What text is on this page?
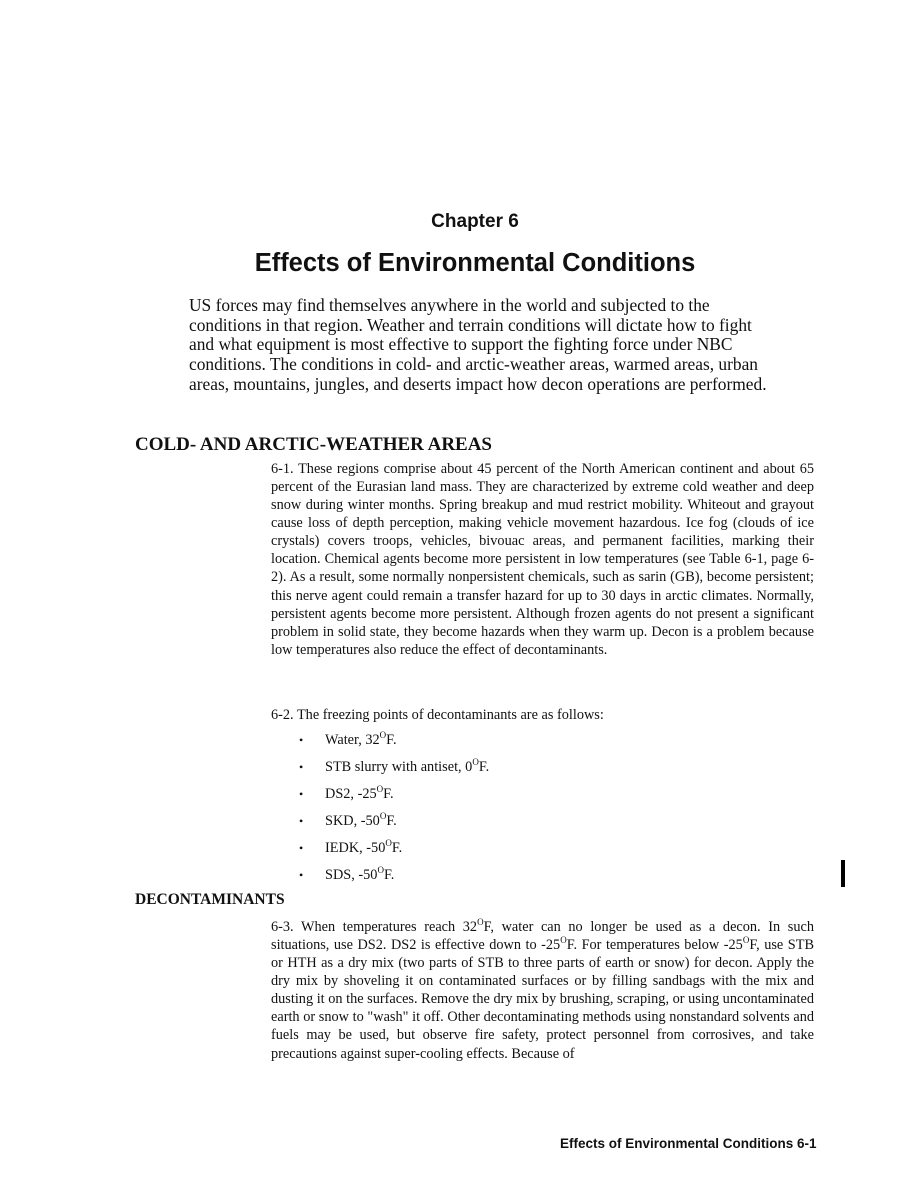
Chapter 6
Effects of Environmental Conditions

US forces may find themselves anywhere in the world and subjected to the conditions in that region. Weather and terrain conditions will dictate how to fight and what equipment is most effective to support the fighting force under NBC conditions. The conditions in cold- and arctic-weather areas, warmed areas, urban areas, mountains, jungles, and deserts impact how decon operations are performed.

COLD- AND ARCTIC-WEATHER AREAS

6-1. These regions comprise about 45 percent of the North American continent and about 65 percent of the Eurasian land mass. They are characterized by extreme cold weather and deep snow during winter months. Spring breakup and mud restrict mobility. Whiteout and grayout cause loss of depth perception, making vehicle movement hazardous. Ice fog (clouds of ice crystals) covers troops, vehicles, bivouac areas, and permanent facilities, marking their location. Chemical agents become more persistent in low temperatures (see Table 6-1, page 6-2). As a result, some normally nonpersistent chemicals, such as sarin (GB), become persistent; this nerve agent could remain a transfer hazard for up to 30 days in arctic climates. Normally, persistent agents become more persistent. Although frozen agents do not present a significant problem in solid state, they become hazards when they warm up. Decon is a problem because low temperatures also reduce the effect of decontaminants.

6-2. The freezing points of decontaminants are as follows:

• Water, $32^OF$.
• STB slurry with antiset, $0^OF$.
• DS2, $-25^OF$.
• SKD, $-50^OF$.
• IEDK, $-50^OF$.
• SDS, $-50^OF$.
DECONTAMINANTS

6-3. When temperatures reach $32^OF$, water can no longer be used as a decon. In such situations, use DS2. DS2 is effective down to $-25^OF$. For temperatures below $-25^OF$, use STB or HTH as a dry mix (two parts of STB to three parts of earth or snow) for decon. Apply the dry mix by shoveling it on contaminated surfaces or by filling sandbags with the mix and dusting it on the surfaces. Remove the dry mix by brushing, scraping, or using uncontaminated earth or snow to "wash" it off. Other decontaminating methods using nonstandard solvents and fuels may be used, but observe fire safety, protect personnel from corrosives, and take precautions against super-cooling effects. Because of

Effects of Environmental Conditions 6-1
